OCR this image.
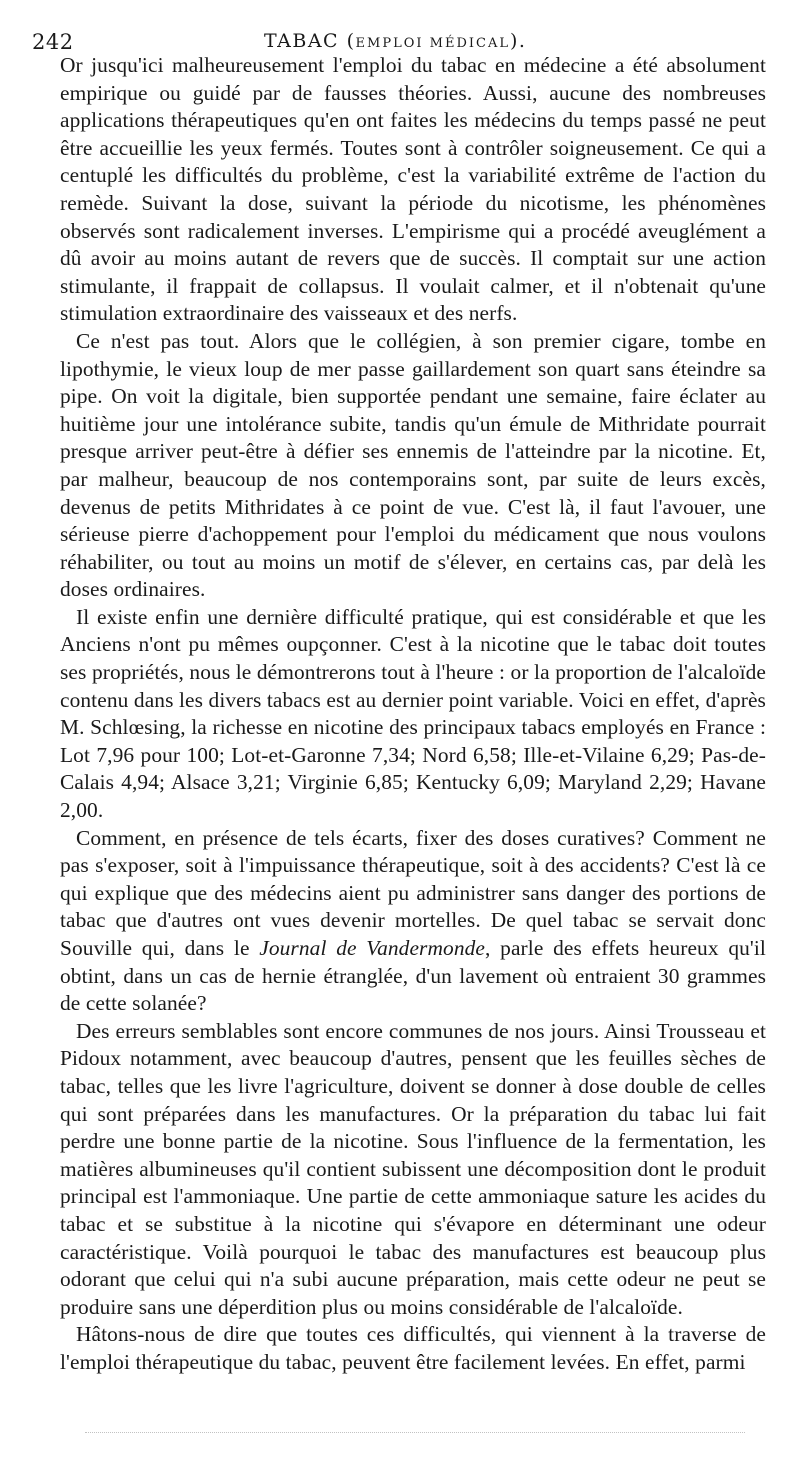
242	TABAC (EMPLOI MÉDICAL).

Or jusqu'ici malheureusement l'emploi du tabac en médecine a été absolument empirique ou guidé par de fausses théories. Aussi, aucune des nombreuses applications thérapeutiques qu'en ont faites les médecins du temps passé ne peut être accueillie les yeux fermés. Toutes sont à contrôler soigneusement. Ce qui a centuplé les difficultés du problème, c'est la variabilité extrême de l'action du remède. Suivant la dose, suivant la période du nicotisme, les phénomènes observés sont radicalement inverses. L'empirisme qui a procédé aveuglément a dû avoir au moins autant de revers que de succès. Il comptait sur une action stimulante, il frappait de collapsus. Il voulait calmer, et il n'obtenait qu'une stimulation extraordinaire des vaisseaux et des nerfs.

Ce n'est pas tout. Alors que le collégien, à son premier cigare, tombe en lipothymie, le vieux loup de mer passe gaillardement son quart sans éteindre sa pipe. On voit la digitale, bien supportée pendant une semaine, faire éclater au huitième jour une intolérance subite, tandis qu'un émule de Mithridate pourrait presque arriver peut-être à défier ses ennemis de l'atteindre par la nicotine. Et, par malheur, beaucoup de nos contemporains sont, par suite de leurs excès, devenus de petits Mithridates à ce point de vue. C'est là, il faut l'avouer, une sérieuse pierre d'achoppement pour l'emploi du médicament que nous voulons réhabiliter, ou tout au moins un motif de s'élever, en certains cas, par delà les doses ordinaires.

Il existe enfin une dernière difficulté pratique, qui est considérable et que les Anciens n'ont pu mêmes oupçonner. C'est à la nicotine que le tabac doit toutes ses propriétés, nous le démontrerons tout à l'heure : or la proportion de l'alcaloïde contenu dans les divers tabacs est au dernier point variable. Voici en effet, d'après M. Schlœsing, la richesse en nicotine des principaux tabacs employés en France : Lot 7,96 pour 100; Lot-et-Garonne 7,34; Nord 6,58; Ille-et-Vilaine 6,29; Pas-de-Calais 4,94; Alsace 3,21; Virginie 6,85; Kentucky 6,09; Maryland 2,29; Havane 2,00.

Comment, en présence de tels écarts, fixer des doses curatives? Comment ne pas s'exposer, soit à l'impuissance thérapeutique, soit à des accidents? C'est là ce qui explique que des médecins aient pu administrer sans danger des portions de tabac que d'autres ont vues devenir mortelles. De quel tabac se servait donc Souville qui, dans le Journal de Vandermonde, parle des effets heureux qu'il obtint, dans un cas de hernie étranglée, d'un lavement où entraient 30 grammes de cette solanée?

Des erreurs semblables sont encore communes de nos jours. Ainsi Trousseau et Pidoux notamment, avec beaucoup d'autres, pensent que les feuilles sèches de tabac, telles que les livre l'agriculture, doivent se donner à dose double de celles qui sont préparées dans les manufactures. Or la préparation du tabac lui fait perdre une bonne partie de la nicotine. Sous l'influence de la fermentation, les matières albumineuses qu'il contient subissent une décomposition dont le produit principal est l'ammoniaque. Une partie de cette ammoniaque sature les acides du tabac et se substitue à la nicotine qui s'évapore en déterminant une odeur caractéristique. Voilà pourquoi le tabac des manufactures est beaucoup plus odorant que celui qui n'a subi aucune préparation, mais cette odeur ne peut se produire sans une déperdition plus ou moins considérable de l'alcaloïde.

Hâtons-nous de dire que toutes ces difficultés, qui viennent à la traverse de l'emploi thérapeutique du tabac, peuvent être facilement levées. En effet, parmi
